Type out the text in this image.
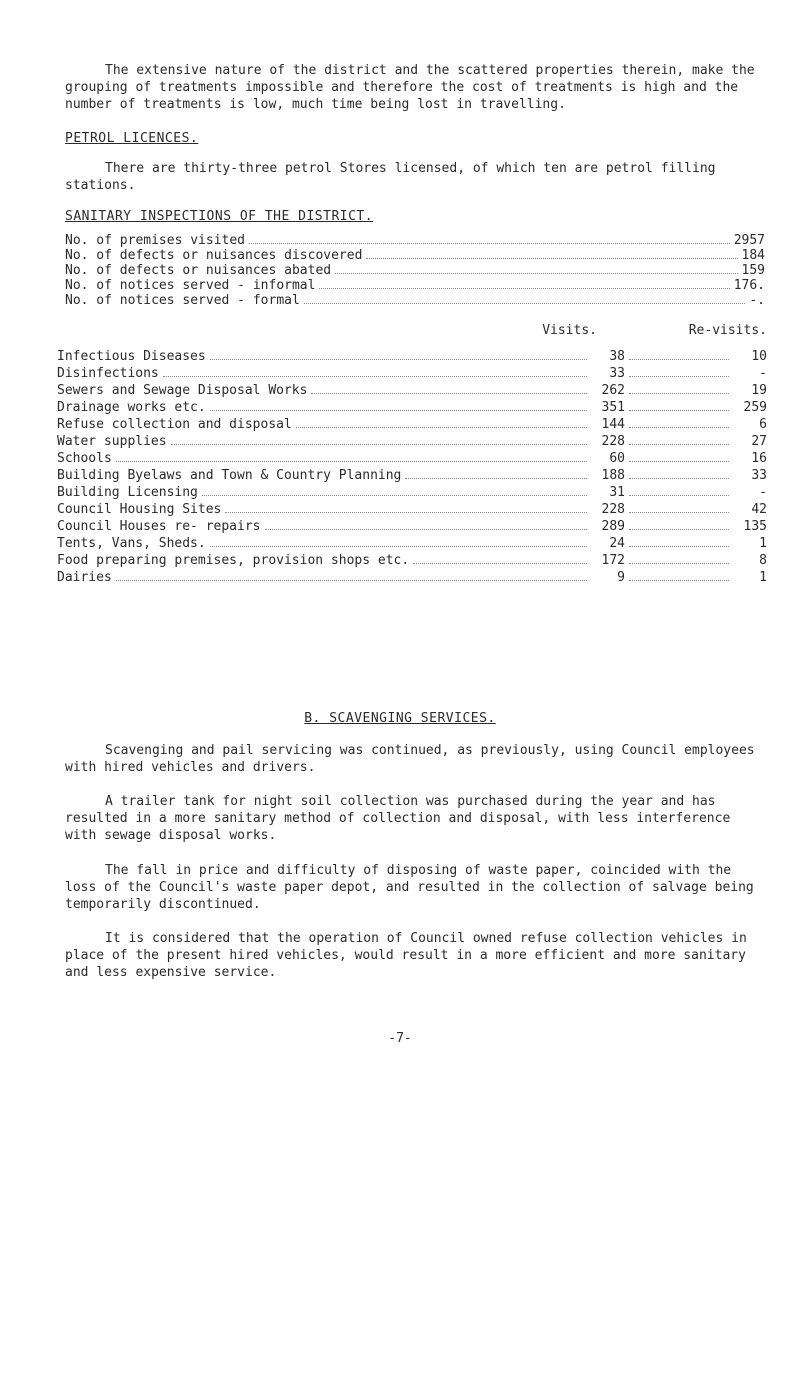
The extensive nature of the district and the scattered properties therein, make the grouping of treatments impossible and therefore the cost of treatments is high and the number of treatments is low, much time being lost in travelling.

PETROL LICENCES.

There are thirty-three petrol Stores licensed, of which ten are petrol filling stations.

SANITARY INSPECTIONS OF THE DISTRICT.
No. of premises visited	2957
No. of defects or nuisances discovered	184
No. of defects or nuisances abated	159
No. of notices served - informal	176.
No. of notices served - formal	-.
Visits.	Re-visits.
Infectious Diseases	38	10
Disinfections	33	-
Sewers and Sewage Disposal Works	262	19
Drainage works etc.	351	259
Refuse collection and disposal	144	6
Water supplies	228	27
Schools	60	16
Building Byelaws and Town & Country Planning	188	33
Building Licensing	31	-
Council Housing Sites	228	42
Council Houses re- repairs	289	135
Tents, Vans, Sheds.	24	1
Food preparing premises, provision shops etc.	172	8
Dairies	9	1
B. SCAVENGING SERVICES.

Scavenging and pail servicing was continued, as previously, using Council employees with hired vehicles and drivers.

A trailer tank for night soil collection was purchased during the year and has resulted in a more sanitary method of collection and disposal, with less interference with sewage disposal works.

The fall in price and difficulty of disposing of waste paper, coincided with the loss of the Council's waste paper depot, and resulted in the collection of salvage being temporarily discontinued.

It is considered that the operation of Council owned refuse collection vehicles in place of the present hired vehicles, would result in a more efficient and more sanitary and less expensive service.

-7-
